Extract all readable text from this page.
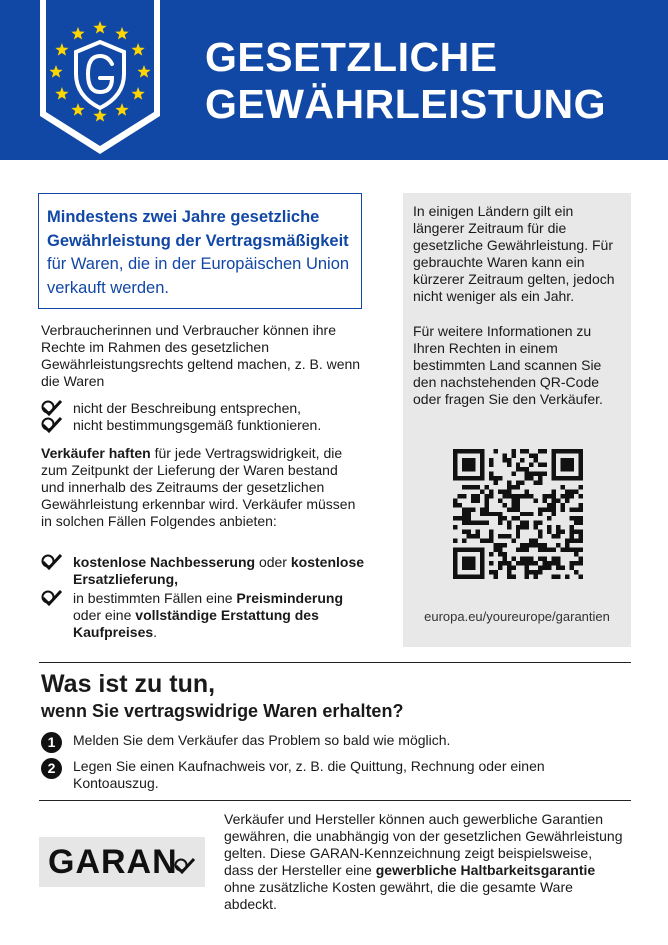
GESETZLICHE
GEWÄHRLEISTUNG
Mindestens zwei Jahre gesetzliche Gewährleistung der Vertragsmäßigkeit für Waren, die in der Europäischen Union verkauft werden.
Verbraucherinnen und Verbraucher können ihre Rechte im Rahmen des gesetzlichen Gewährleistungsrechts geltend machen, z. B. wenn die Waren
nicht der Beschreibung entsprechen,
nicht bestimmungsgemäß funktionieren.
Verkäufer haften für jede Vertragswidrigkeit, die zum Zeitpunkt der Lieferung der Waren bestand und innerhalb des Zeitraums der gesetzlichen Gewährleistung erkennbar wird. Verkäufer müssen in solchen Fällen Folgendes anbieten:
kostenlose Nachbesserung oder kostenlose Ersatzlieferung,
in bestimmten Fällen eine Preisminderung oder eine vollständige Erstattung des Kaufpreises.

In einigen Ländern gilt ein längerer Zeitraum für die gesetzliche Gewährleistung. Für gebrauchte Waren kann ein kürzerer Zeitraum gelten, jedoch nicht weniger als ein Jahr.

Für weitere Informationen zu Ihren Rechten in einem bestimmten Land scannen Sie den nachstehenden QR-Code oder fragen Sie den Verkäufer.

europa.eu/youreurope/garantien
Was ist zu tun,
wenn Sie vertragswidrige Waren erhalten?
1	Melden Sie dem Verkäufer das Problem so bald wie möglich.
2	Legen Sie einen Kaufnachweis vor, z. B. die Quittung, Rechnung oder einen Kontoauszug.
GARAN
Verkäufer und Hersteller können auch gewerbliche Garantien gewähren, die unabhängig von der gesetzlichen Gewährleistung gelten. Diese GARAN-Kennzeichnung zeigt beispielsweise, dass der Hersteller eine gewerbliche Haltbarkeitsgarantie ohne zusätzliche Kosten gewährt, die die gesamte Ware abdeckt.
